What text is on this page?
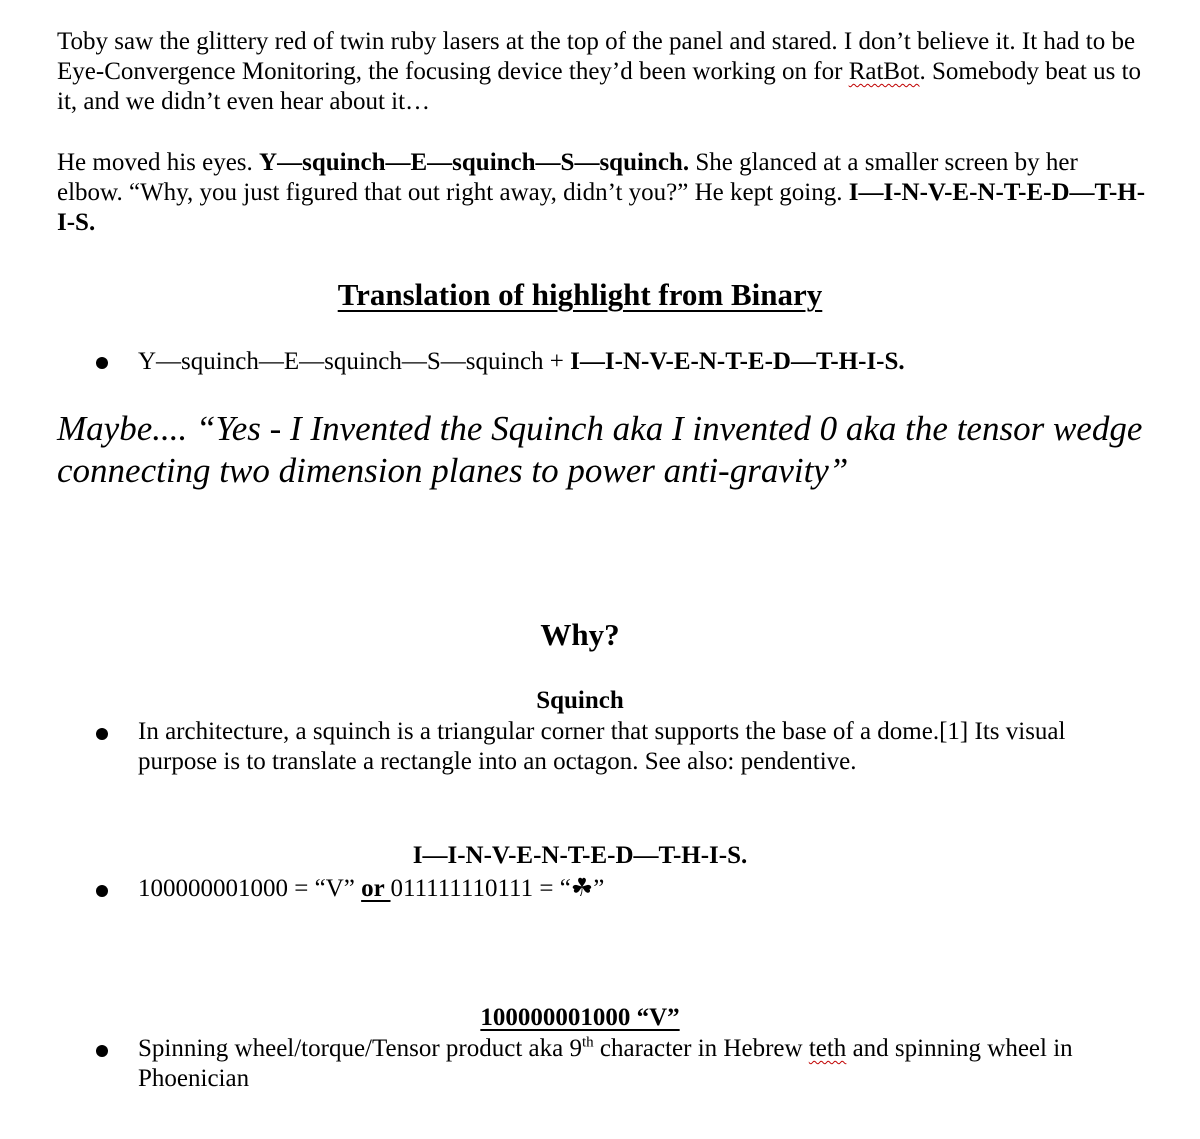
Toby saw the glittery red of twin ruby lasers at the top of the panel and stared. I don’t believe it. It had to be Eye-Convergence Monitoring, the focusing device they’d been working on for RatBot. Somebody beat us to it, and we didn’t even hear about it…

He moved his eyes. Y—squinch—E—squinch—S—squinch. She glanced at a smaller screen by her elbow. “Why, you just figured that out right away, didn’t you?” He kept going. I—I-N-V-E-N-T-E-D—T-H-I-S.

Translation of highlight from Binary
Y—squinch—E—squinch—S—squinch + I—I-N-V-E-N-T-E-D—T-H-I-S.

Maybe.... “Yes - I Invented the Squinch aka I invented 0 aka the tensor wedge connecting two dimension planes to power anti-gravity”

Why?
Squinch
In architecture, a squinch is a triangular corner that supports the base of a dome.[1] Its visual purpose is to translate a rectangle into an octagon. See also: pendentive.
I—I-N-V-E-N-T-E-D—T-H-I-S.
100000001000 = “V” or 011111110111 = “☘”
100000001000 “V”
Spinning wheel/torque/Tensor product aka 9th character in Hebrew teth and spinning wheel in Phoenician
